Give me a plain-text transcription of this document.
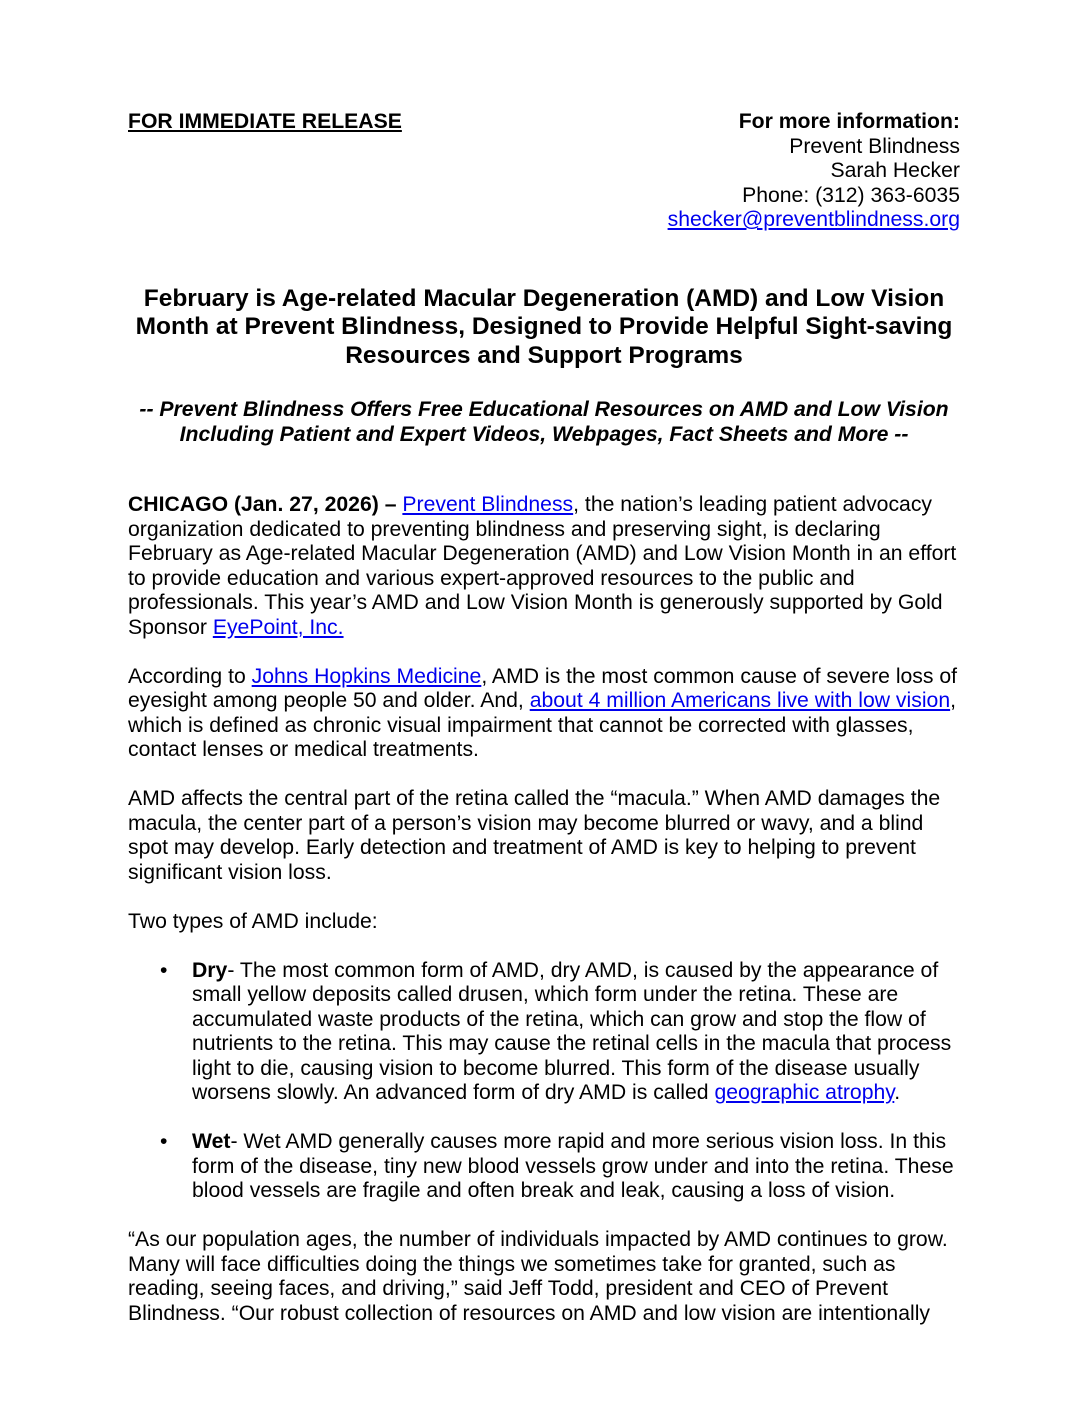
FOR IMMEDIATE RELEASE	For more information:
Prevent Blindness
Sarah Hecker
Phone: (312) 363-6035
shecker@preventblindness.org
February is Age-related Macular Degeneration (AMD) and Low Vision
Month at Prevent Blindness, Designed to Provide Helpful Sight-saving
Resources and Support Programs
-- Prevent Blindness Offers Free Educational Resources on AMD and Low Vision
Including Patient and Expert Videos, Webpages, Fact Sheets and More --

CHICAGO (Jan. 27, 2026) – Prevent Blindness, the nation’s leading patient advocacy organization dedicated to preventing blindness and preserving sight, is declaring February as Age-related Macular Degeneration (AMD) and Low Vision Month in an effort to provide education and various expert-approved resources to the public and professionals. This year’s AMD and Low Vision Month is generously supported by Gold Sponsor EyePoint, Inc.

According to Johns Hopkins Medicine, AMD is the most common cause of severe loss of eyesight among people 50 and older. And, about 4 million Americans live with low vision, which is defined as chronic visual impairment that cannot be corrected with glasses, contact lenses or medical treatments.

AMD affects the central part of the retina called the “macula.” When AMD damages the macula, the center part of a person’s vision may become blurred or wavy, and a blind spot may develop. Early detection and treatment of AMD is key to helping to prevent significant vision loss.

Two types of AMD include:

• Dry- The most common form of AMD, dry AMD, is caused by the appearance of small yellow deposits called drusen, which form under the retina. These are accumulated waste products of the retina, which can grow and stop the flow of nutrients to the retina. This may cause the retinal cells in the macula that process light to die, causing vision to become blurred. This form of the disease usually worsens slowly. An advanced form of dry AMD is called geographic atrophy.
• Wet- Wet AMD generally causes more rapid and more serious vision loss. In this form of the disease, tiny new blood vessels grow under and into the retina. These blood vessels are fragile and often break and leak, causing a loss of vision.

“As our population ages, the number of individuals impacted by AMD continues to grow. Many will face difficulties doing the things we sometimes take for granted, such as reading, seeing faces, and driving,” said Jeff Todd, president and CEO of Prevent Blindness. “Our robust collection of resources on AMD and low vision are intentionally
